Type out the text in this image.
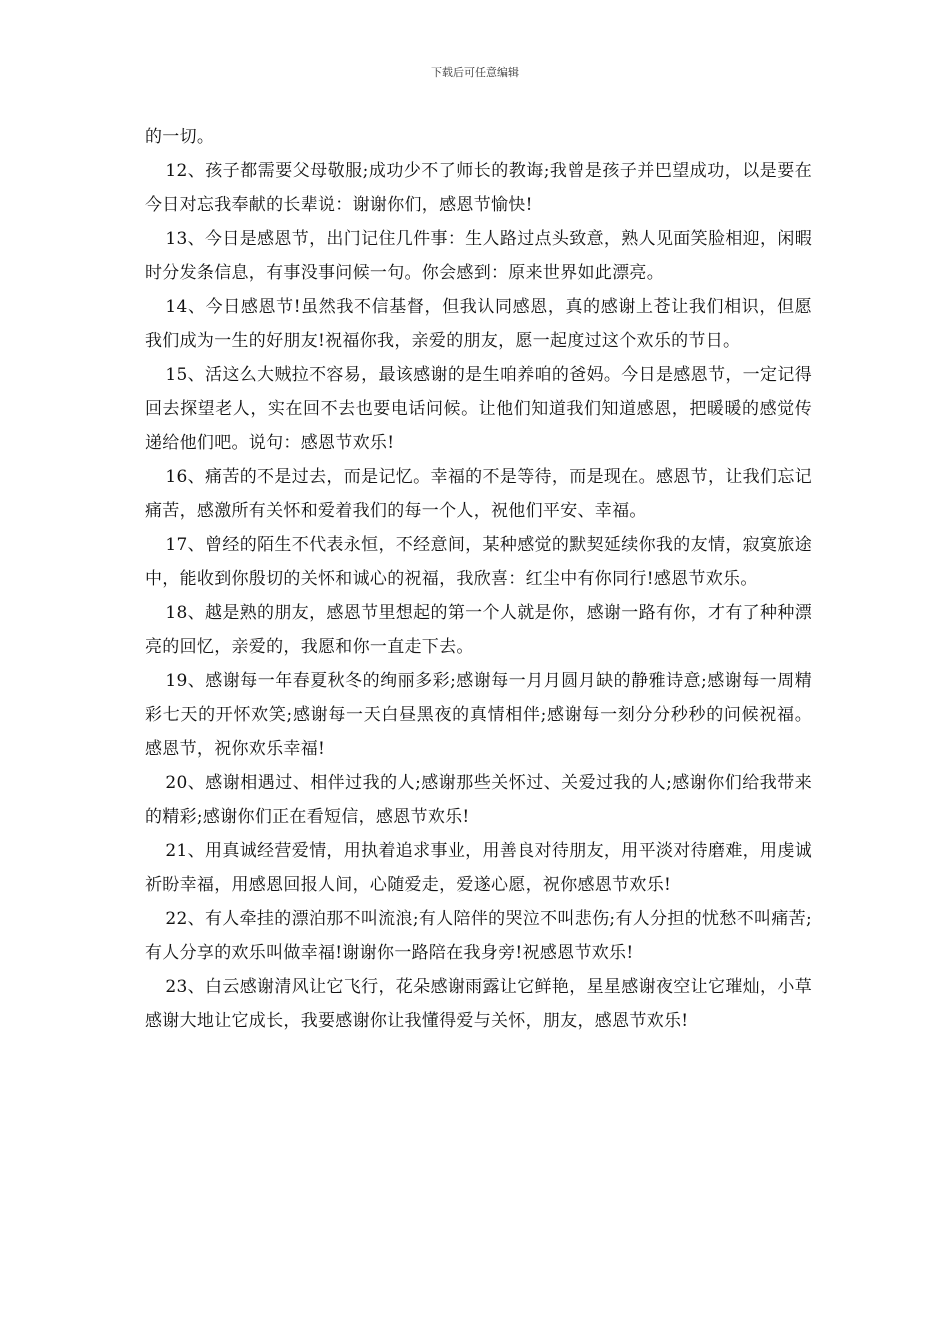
下载后可任意编辑

的一切。

12、孩子都需要父母敬服;成功少不了师长的教诲;我曾是孩子并巴望成功，以是要在今日对忘我奉献的长辈说：谢谢你们，感恩节愉快!

13、今日是感恩节，出门记住几件事：生人路过点头致意，熟人见面笑脸相迎，闲暇时分发条信息，有事没事问候一句。你会感到：原来世界如此漂亮。

14、今日感恩节!虽然我不信基督，但我认同感恩，真的感谢上苍让我们相识，但愿我们成为一生的好朋友!祝福你我，亲爱的朋友，愿一起度过这个欢乐的节日。

15、活这么大贼拉不容易，最该感谢的是生咱养咱的爸妈。今日是感恩节，一定记得回去探望老人，实在回不去也要电话问候。让他们知道我们知道感恩，把暖暖的感觉传递给他们吧。说句：感恩节欢乐!

16、痛苦的不是过去，而是记忆。幸福的不是等待，而是现在。感恩节，让我们忘记痛苦，感激所有关怀和爱着我们的每一个人，祝他们平安、幸福。

17、曾经的陌生不代表永恒，不经意间，某种感觉的默契延续你我的友情，寂寞旅途中，能收到你殷切的关怀和诚心的祝福，我欣喜：红尘中有你同行!感恩节欢乐。

18、越是熟的朋友，感恩节里想起的第一个人就是你，感谢一路有你，才有了种种漂亮的回忆，亲爱的，我愿和你一直走下去。

19、感谢每一年春夏秋冬的绚丽多彩;感谢每一月月圆月缺的静雅诗意;感谢每一周精彩七天的开怀欢笑;感谢每一天白昼黑夜的真情相伴;感谢每一刻分分秒秒的问候祝福。感恩节，祝你欢乐幸福!

20、感谢相遇过、相伴过我的人;感谢那些关怀过、关爱过我的人;感谢你们给我带来的精彩;感谢你们正在看短信，感恩节欢乐!

21、用真诚经营爱情，用执着追求事业，用善良对待朋友，用平淡对待磨难，用虔诚祈盼幸福，用感恩回报人间，心随爱走，爱遂心愿，祝你感恩节欢乐!

22、有人牵挂的漂泊那不叫流浪;有人陪伴的哭泣不叫悲伤;有人分担的忧愁不叫痛苦;有人分享的欢乐叫做幸福!谢谢你一路陪在我身旁!祝感恩节欢乐!

23、白云感谢清风让它飞行，花朵感谢雨露让它鲜艳，星星感谢夜空让它璀灿，小草感谢大地让它成长，我要感谢你让我懂得爱与关怀，朋友，感恩节欢乐!
